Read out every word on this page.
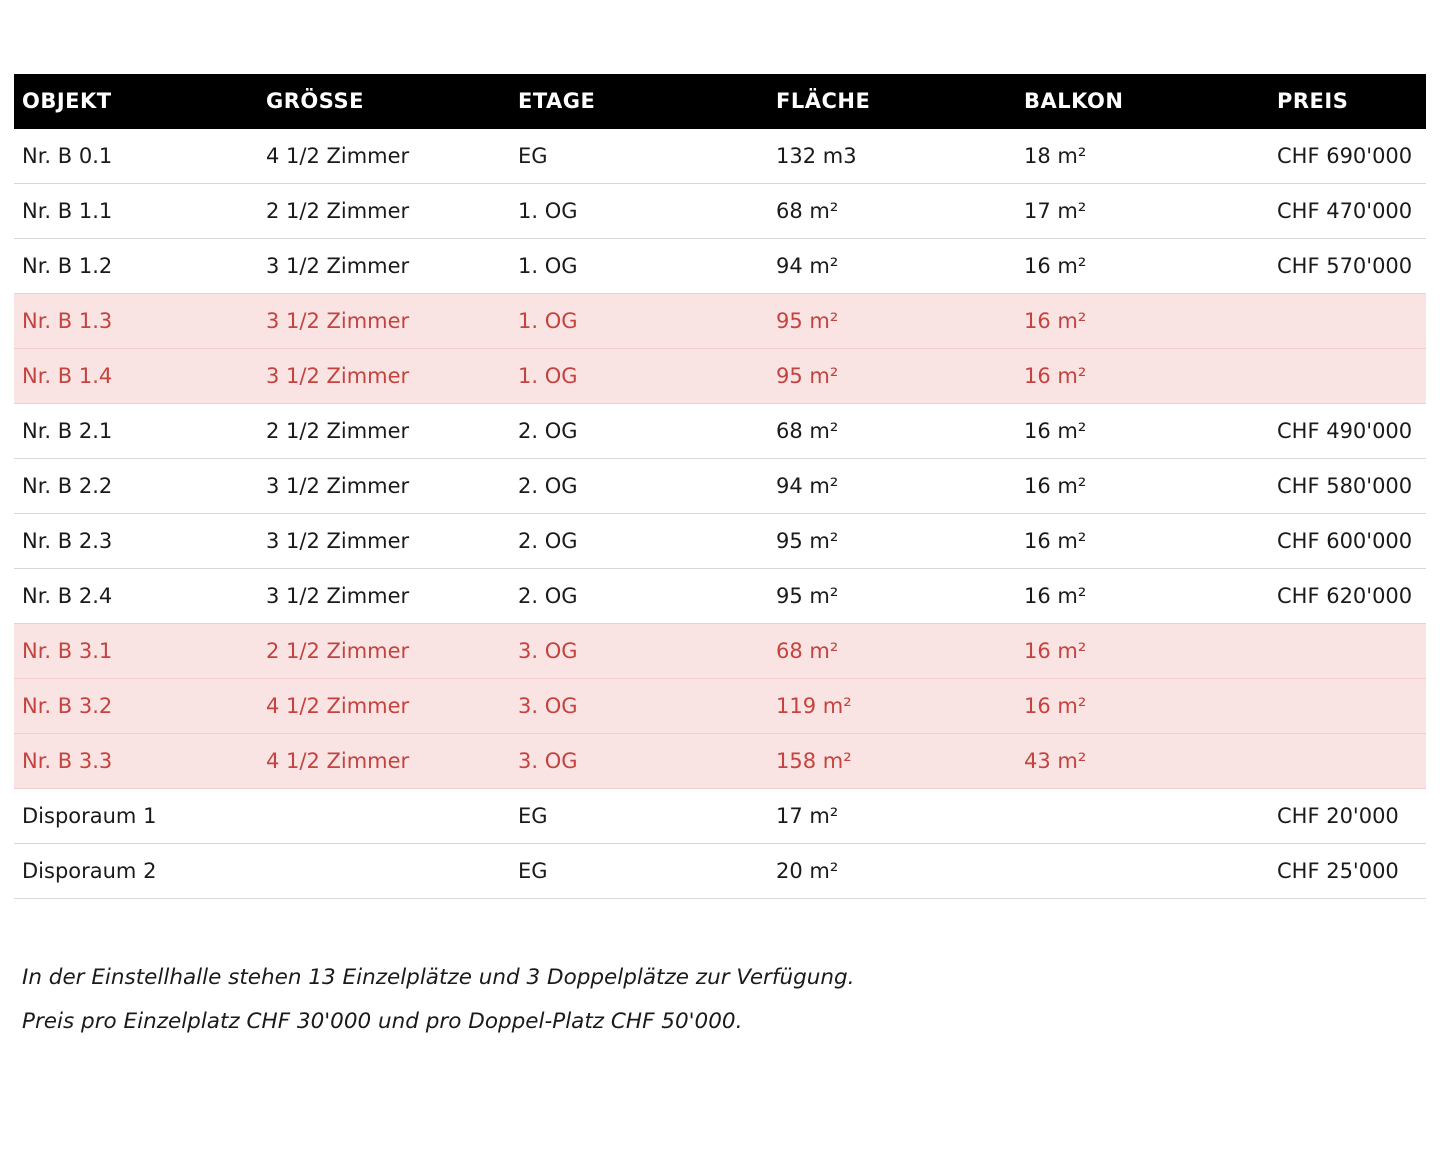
OBJEKT	GRÖSSE	ETAGE	FLÄCHE	BALKON	PREIS
Nr. B 0.1	4 1/2 Zimmer	EG	132 m3	18 m²	CHF 690'000
Nr. B 1.1	2 1/2 Zimmer	1. OG	68 m²	17 m²	CHF 470'000
Nr. B 1.2	3 1/2 Zimmer	1. OG	94 m²	16 m²	CHF 570'000
Nr. B 1.3	3 1/2 Zimmer	1. OG	95 m²	16 m²	
Nr. B 1.4	3 1/2 Zimmer	1. OG	95 m²	16 m²	
Nr. B 2.1	2 1/2 Zimmer	2. OG	68 m²	16 m²	CHF 490'000
Nr. B 2.2	3 1/2 Zimmer	2. OG	94 m²	16 m²	CHF 580'000
Nr. B 2.3	3 1/2 Zimmer	2. OG	95 m²	16 m²	CHF 600'000
Nr. B 2.4	3 1/2 Zimmer	2. OG	95 m²	16 m²	CHF 620'000
Nr. B 3.1	2 1/2 Zimmer	3. OG	68 m²	16 m²	
Nr. B 3.2	4 1/2 Zimmer	3. OG	119 m²	16 m²	
Nr. B 3.3	4 1/2 Zimmer	3. OG	158 m²	43 m²	
Disporaum 1		EG	17 m²		CHF 20'000
Disporaum 2		EG	20 m²		CHF 25'000

In der Einstellhalle stehen 13 Einzelplätze und 3 Doppelplätze zur Verfügung.

Preis pro Einzelplatz CHF 30'000 und pro Doppel-Platz CHF 50'000.
